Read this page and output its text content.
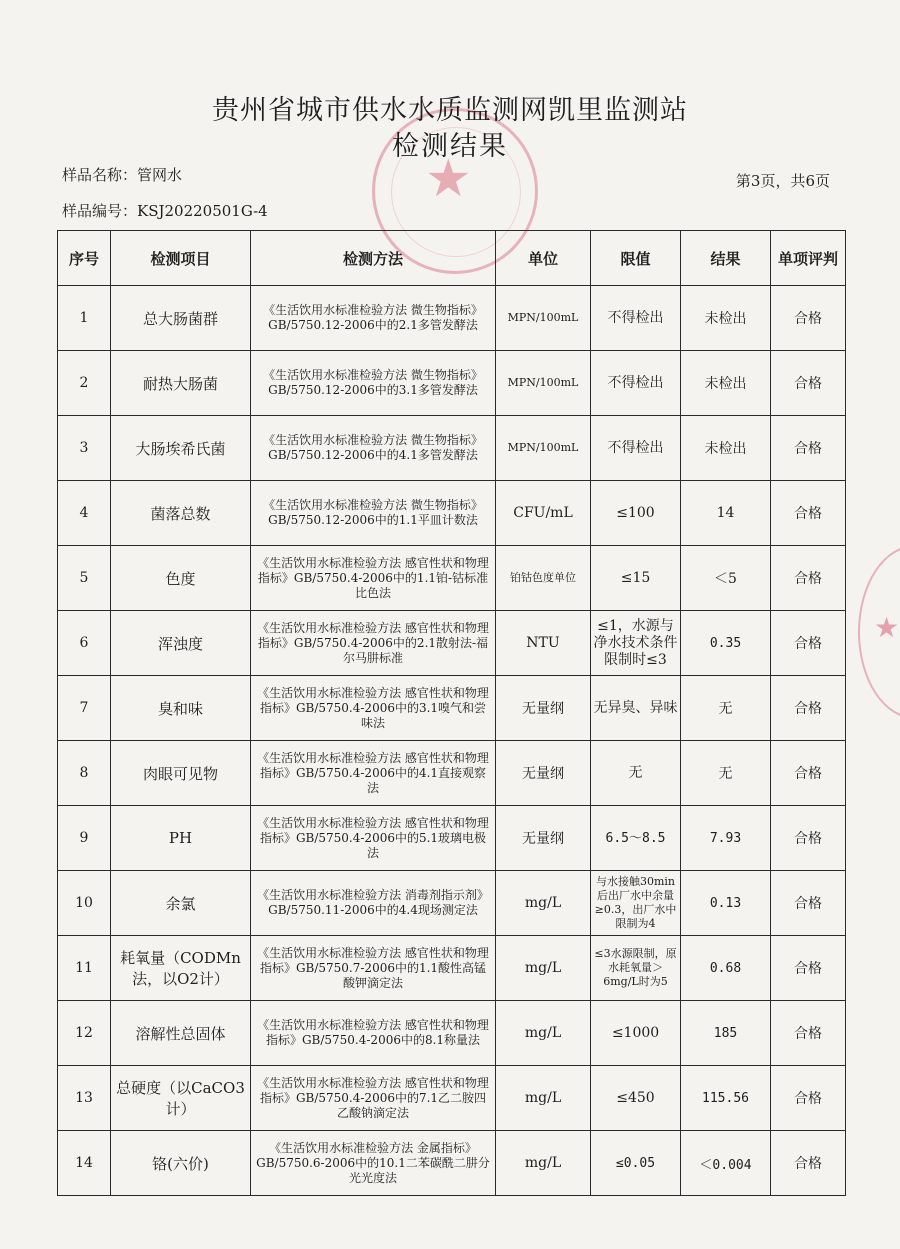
★
★
贵州省城市供水水质监测网凯里监测站
检测结果
样品名称：管网水
样品编号：KSJ20220501G-4
第3页，共6页
序号	检测项目	检测方法	单位	限值	结果	单项评判
1	总大肠菌群	《生活饮用水标准检验方法 微生物指标》GB/5750.12-2006中的2.1多管发酵法	MPN/100mL	不得检出	未检出	合格
2	耐热大肠菌	《生活饮用水标准检验方法 微生物指标》GB/5750.12-2006中的3.1多管发酵法	MPN/100mL	不得检出	未检出	合格
3	大肠埃希氏菌	《生活饮用水标准检验方法 微生物指标》GB/5750.12-2006中的4.1多管发酵法	MPN/100mL	不得检出	未检出	合格
4	菌落总数	《生活饮用水标准检验方法 微生物指标》GB/5750.12-2006中的1.1平皿计数法	CFU/mL	≤100	14	合格
5	色度	《生活饮用水标准检验方法 感官性状和物理指标》GB/5750.4-2006中的1.1铂-钴标准比色法	铂钴色度单位	≤15	＜5	合格
6	浑浊度	《生活饮用水标准检验方法 感官性状和物理指标》GB/5750.4-2006中的2.1散射法-福尔马肼标准	NTU	≤1，水源与净水技术条件限制时≤3	0.35	合格
7	臭和味	《生活饮用水标准检验方法 感官性状和物理指标》GB/5750.4-2006中的3.1嗅气和尝味法	无量纲	无异臭、异味	无	合格
8	肉眼可见物	《生活饮用水标准检验方法 感官性状和物理指标》GB/5750.4-2006中的4.1直接观察法	无量纲	无	无	合格
9	PH	《生活饮用水标准检验方法 感官性状和物理指标》GB/5750.4-2006中的5.1玻璃电极法	无量纲	6.5～8.5	7.93	合格
10	余氯	《生活饮用水标准检验方法 消毒剂指示剂》GB/5750.11-2006中的4.4现场测定法	mg/L	与水接触30min后出厂水中余量≥0.3，出厂水中限制为4	0.13	合格
11	耗氧量（CODMn法，以O2计）	《生活饮用水标准检验方法 感官性状和物理指标》GB/5750.7-2006中的1.1酸性高锰酸钾滴定法	mg/L	≤3水源限制，原水耗氧量＞6mg/L时为5	0.68	合格
12	溶解性总固体	《生活饮用水标准检验方法 感官性状和物理指标》GB/5750.4-2006中的8.1称量法	mg/L	≤1000	185	合格
13	总硬度（以CaCO3计）	《生活饮用水标准检验方法 感官性状和物理指标》GB/5750.4-2006中的7.1乙二胺四乙酸钠滴定法	mg/L	≤450	115.56	合格
14	铬(六价)	《生活饮用水标准检验方法 金属指标》GB/5750.6-2006中的10.1二苯碳酰二肼分光光度法	mg/L	≤0.05	＜0.004	合格
